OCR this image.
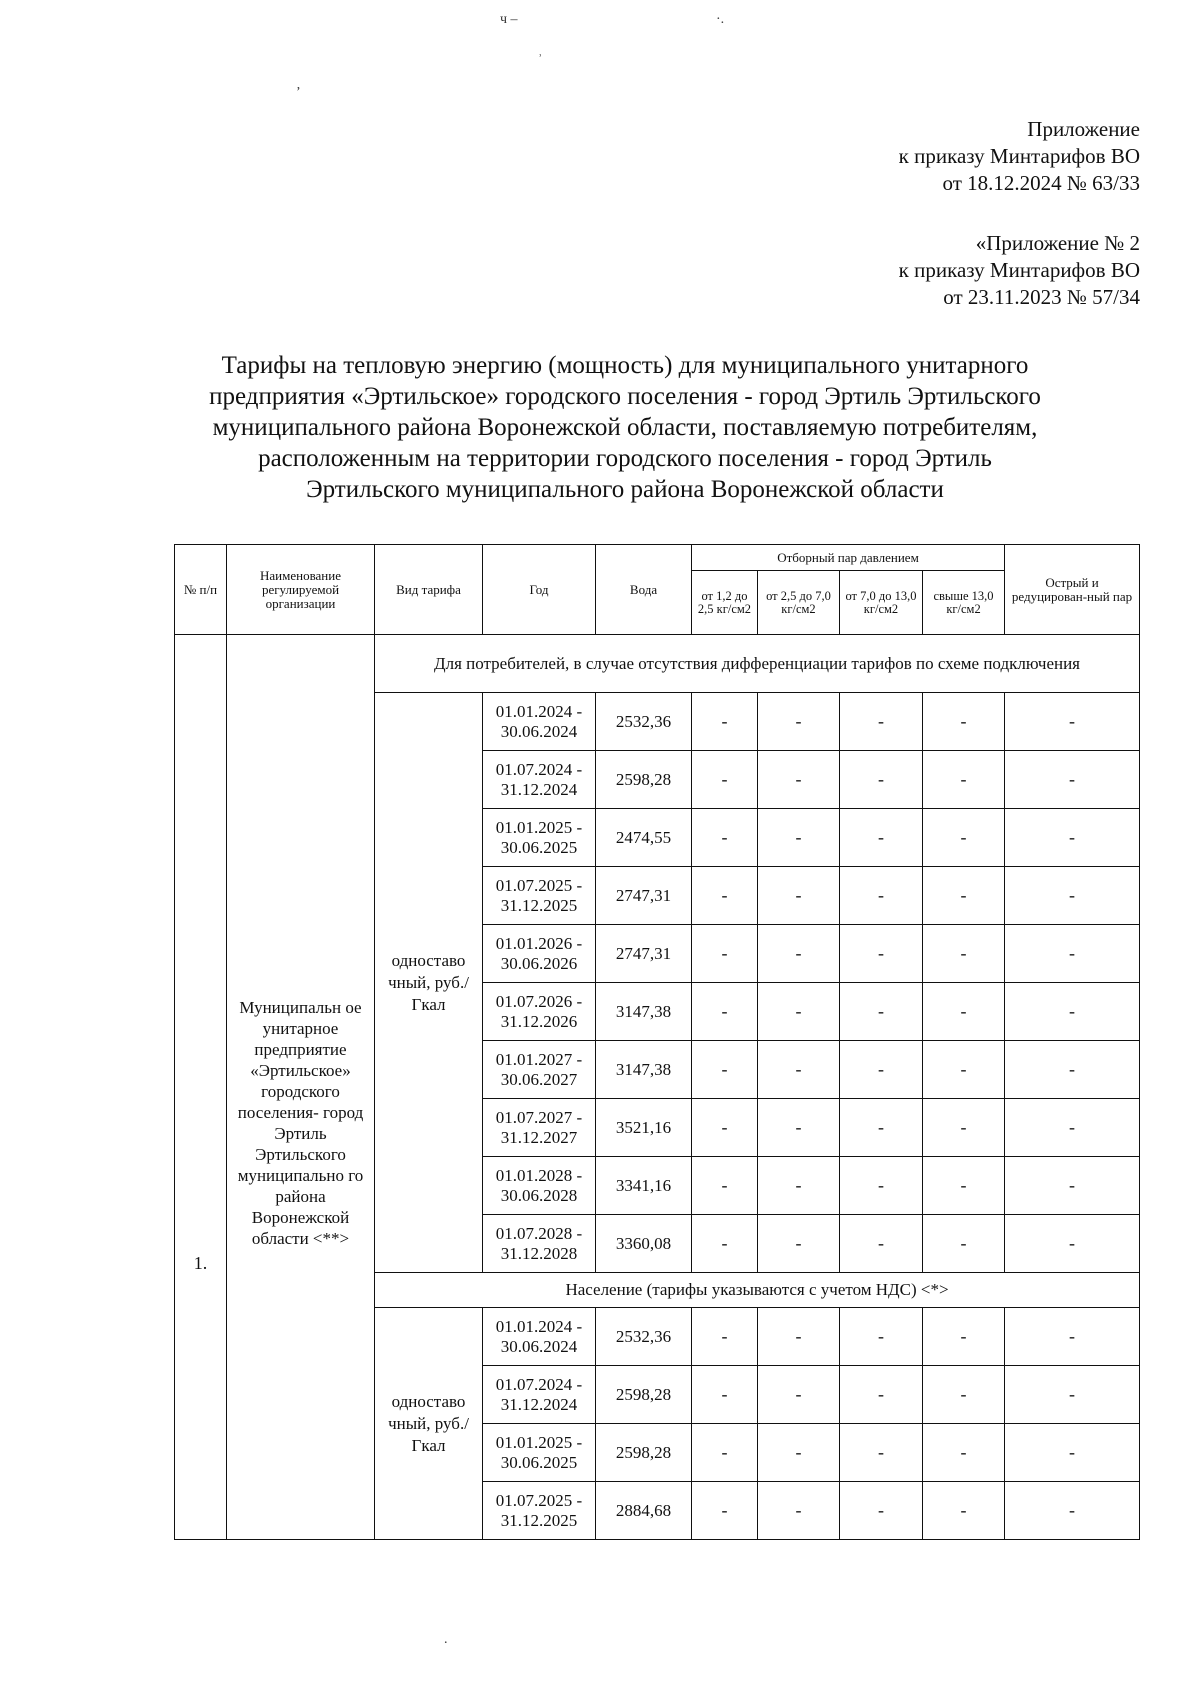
ч –	·.
˒
’
.
Приложение
к приказу Минтарифов ВО
от 18.12.2024 № 63/33
«Приложение № 2
к приказу Минтарифов ВО
от 23.11.2023 № 57/34
Тарифы на тепловую энергию (мощность) для муниципального унитарного
предприятия «Эртильское» городского поселения - город Эртиль Эртильского
муниципального района Воронежской области, поставляемую потребителям,
расположенным на территории городского поселения - город Эртиль
Эртильского муниципального района Воронежской области
№ п/п	Наименование регулируемой организации	Вид тарифа	Год	Вода	Отборный пар давлением				Острый и редуцирован-ный пар
					от 1,2 до 2,5 кг/см2	от 2,5 до 7,0 кг/см2	от 7,0 до 13,0 кг/см2	свыше 13,0 кг/см2	
1.	Муниципальн ое унитарное предприятие «Эртильское» городского поселения- город Эртиль Эртильского муниципально го района Воронежской области <**>	Для потребителей, в случае отсутствия дифференциации тарифов по схеме подключения							
		одноставо чный, руб./Гкал	01.01.2024 - 30.06.2024	2532,36	-	-	-	-	-
			01.07.2024 - 31.12.2024	2598,28	-	-	-	-	-
			01.01.2025 - 30.06.2025	2474,55	-	-	-	-	-
			01.07.2025 - 31.12.2025	2747,31	-	-	-	-	-
			01.01.2026 - 30.06.2026	2747,31	-	-	-	-	-
			01.07.2026 - 31.12.2026	3147,38	-	-	-	-	-
			01.01.2027 - 30.06.2027	3147,38	-	-	-	-	-
			01.07.2027 - 31.12.2027	3521,16	-	-	-	-	-
			01.01.2028 - 30.06.2028	3341,16	-	-	-	-	-
			01.07.2028 - 31.12.2028	3360,08	-	-	-	-	-
		Население (тарифы указываются с учетом НДС) <*>							
		одноставо чный, руб./Гкал	01.01.2024 - 30.06.2024	2532,36	-	-	-	-	-
			01.07.2024 - 31.12.2024	2598,28	-	-	-	-	-
			01.01.2025 - 30.06.2025	2598,28	-	-	-	-	-
			01.07.2025 - 31.12.2025	2884,68	-	-	-	-	-
